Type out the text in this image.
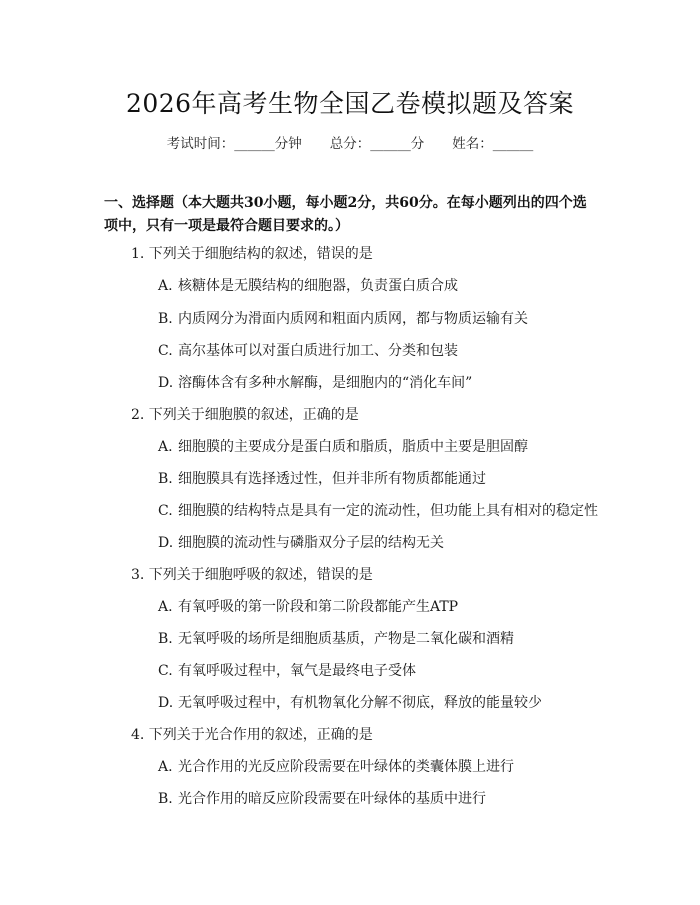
2026年高考生物全国乙卷模拟题及答案
考试时间：______分钟 总分：______分 姓名：______
一、选择题（本大题共30小题，每小题2分，共60分。在每小题列出的四个选项中，只有一项是最符合题目要求的。）
1. 下列关于细胞结构的叙述，错误的是
A. 核糖体是无膜结构的细胞器，负责蛋白质合成
B. 内质网分为滑面内质网和粗面内质网，都与物质运输有关
C. 高尔基体可以对蛋白质进行加工、分类和包装
D. 溶酶体含有多种水解酶，是细胞内的“消化车间”
2. 下列关于细胞膜的叙述，正确的是
A. 细胞膜的主要成分是蛋白质和脂质，脂质中主要是胆固醇
B. 细胞膜具有选择透过性，但并非所有物质都能通过
C. 细胞膜的结构特点是具有一定的流动性，但功能上具有相对的稳定性
D. 细胞膜的流动性与磷脂双分子层的结构无关
3. 下列关于细胞呼吸的叙述，错误的是
A. 有氧呼吸的第一阶段和第二阶段都能产生ATP
B. 无氧呼吸的场所是细胞质基质，产物是二氧化碳和酒精
C. 有氧呼吸过程中，氧气是最终电子受体
D. 无氧呼吸过程中，有机物氧化分解不彻底，释放的能量较少
4. 下列关于光合作用的叙述，正确的是
A. 光合作用的光反应阶段需要在叶绿体的类囊体膜上进行
B. 光合作用的暗反应阶段需要在叶绿体的基质中进行
